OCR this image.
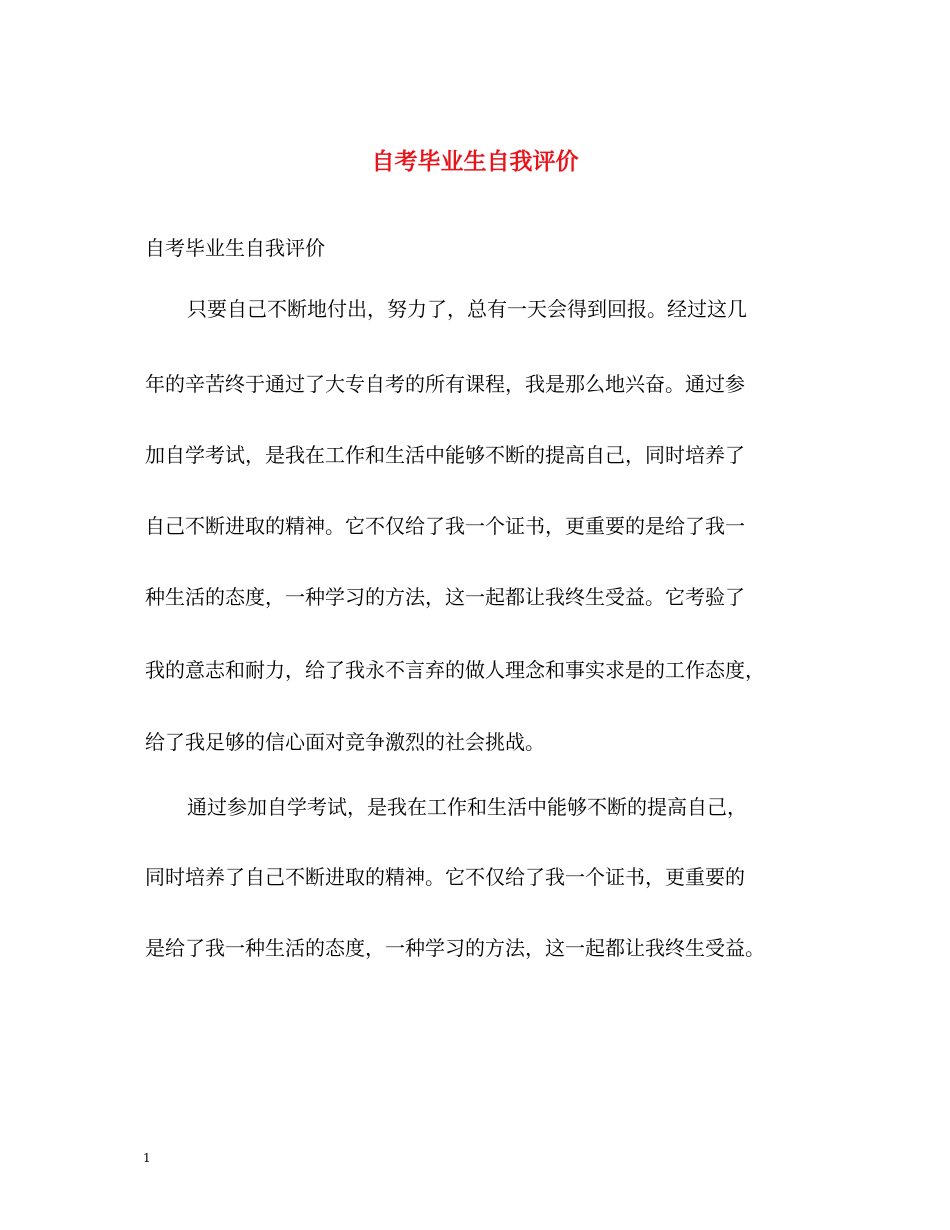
自考毕业生自我评价

自考毕业生自我评价

只要自己不断地付出，努力了，总有一天会得到回报。经过这几

年的辛苦终于通过了大专自考的所有课程，我是那么地兴奋。通过参

加自学考试，是我在工作和生活中能够不断的提高自己，同时培养了

自己不断进取的精神。它不仅给了我一个证书，更重要的是给了我一

种生活的态度，一种学习的方法，这一起都让我终生受益。它考验了

我的意志和耐力，给了我永不言弃的做人理念和事实求是的工作态度，

给了我足够的信心面对竞争激烈的社会挑战。

通过参加自学考试，是我在工作和生活中能够不断的提高自己，

同时培养了自己不断进取的精神。它不仅给了我一个证书，更重要的

是给了我一种生活的态度，一种学习的方法，这一起都让我终生受益。

1
